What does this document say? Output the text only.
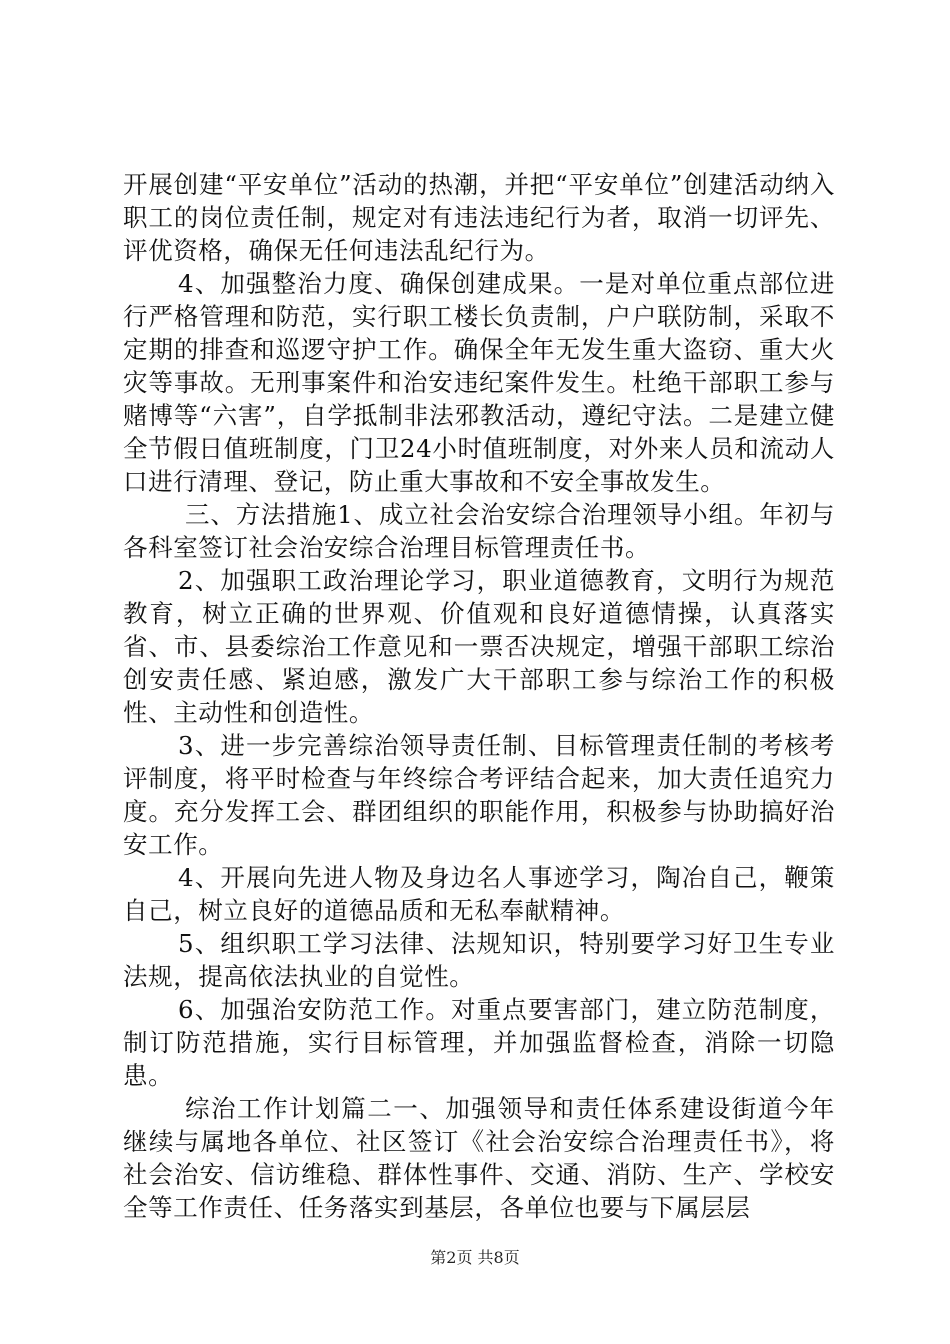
开展创建“平安单位”活动的热潮，并把“平安单位”创建活动纳入职工的岗位责任制，规定对有违法违纪行为者，取消一切评先、评优资格，确保无任何违法乱纪行为。

4、加强整治力度、确保创建成果。一是对单位重点部位进行严格管理和防范，实行职工楼长负责制，户户联防制，采取不定期的排查和巡逻守护工作。确保全年无发生重大盗窃、重大火灾等事故。无刑事案件和治安违纪案件发生。杜绝干部职工参与赌博等“六害”，自学抵制非法邪教活动，遵纪守法。二是建立健全节假日值班制度，门卫24小时值班制度，对外来人员和流动人口进行清理、登记，防止重大事故和不安全事故发生。

三、方法措施1、成立社会治安综合治理领导小组。年初与各科室签订社会治安综合治理目标管理责任书。

2、加强职工政治理论学习，职业道德教育，文明行为规范教育，树立正确的世界观、价值观和良好道德情操，认真落实省、市、县委综治工作意见和一票否决规定，增强干部职工综治创安责任感、紧迫感，激发广大干部职工参与综治工作的积极性、主动性和创造性。

3、进一步完善综治领导责任制、目标管理责任制的考核考评制度，将平时检查与年终综合考评结合起来，加大责任追究力度。充分发挥工会、群团组织的职能作用，积极参与协助搞好治安工作。

4、开展向先进人物及身边名人事迹学习，陶冶自己，鞭策自己，树立良好的道德品质和无私奉献精神。

5、组织职工学习法律、法规知识，特别要学习好卫生专业法规，提高依法执业的自觉性。

6、加强治安防范工作。对重点要害部门，建立防范制度，制订防范措施，实行目标管理，并加强监督检查，消除一切隐患。

综治工作计划篇二一、加强领导和责任体系建设街道今年继续与属地各单位、社区签订《社会治安综合治理责任书》，将社会治安、信访维稳、群体性事件、交通、消防、生产、学校安全等工作责任、任务落实到基层，各单位也要与下属层层

第2页 共8页
